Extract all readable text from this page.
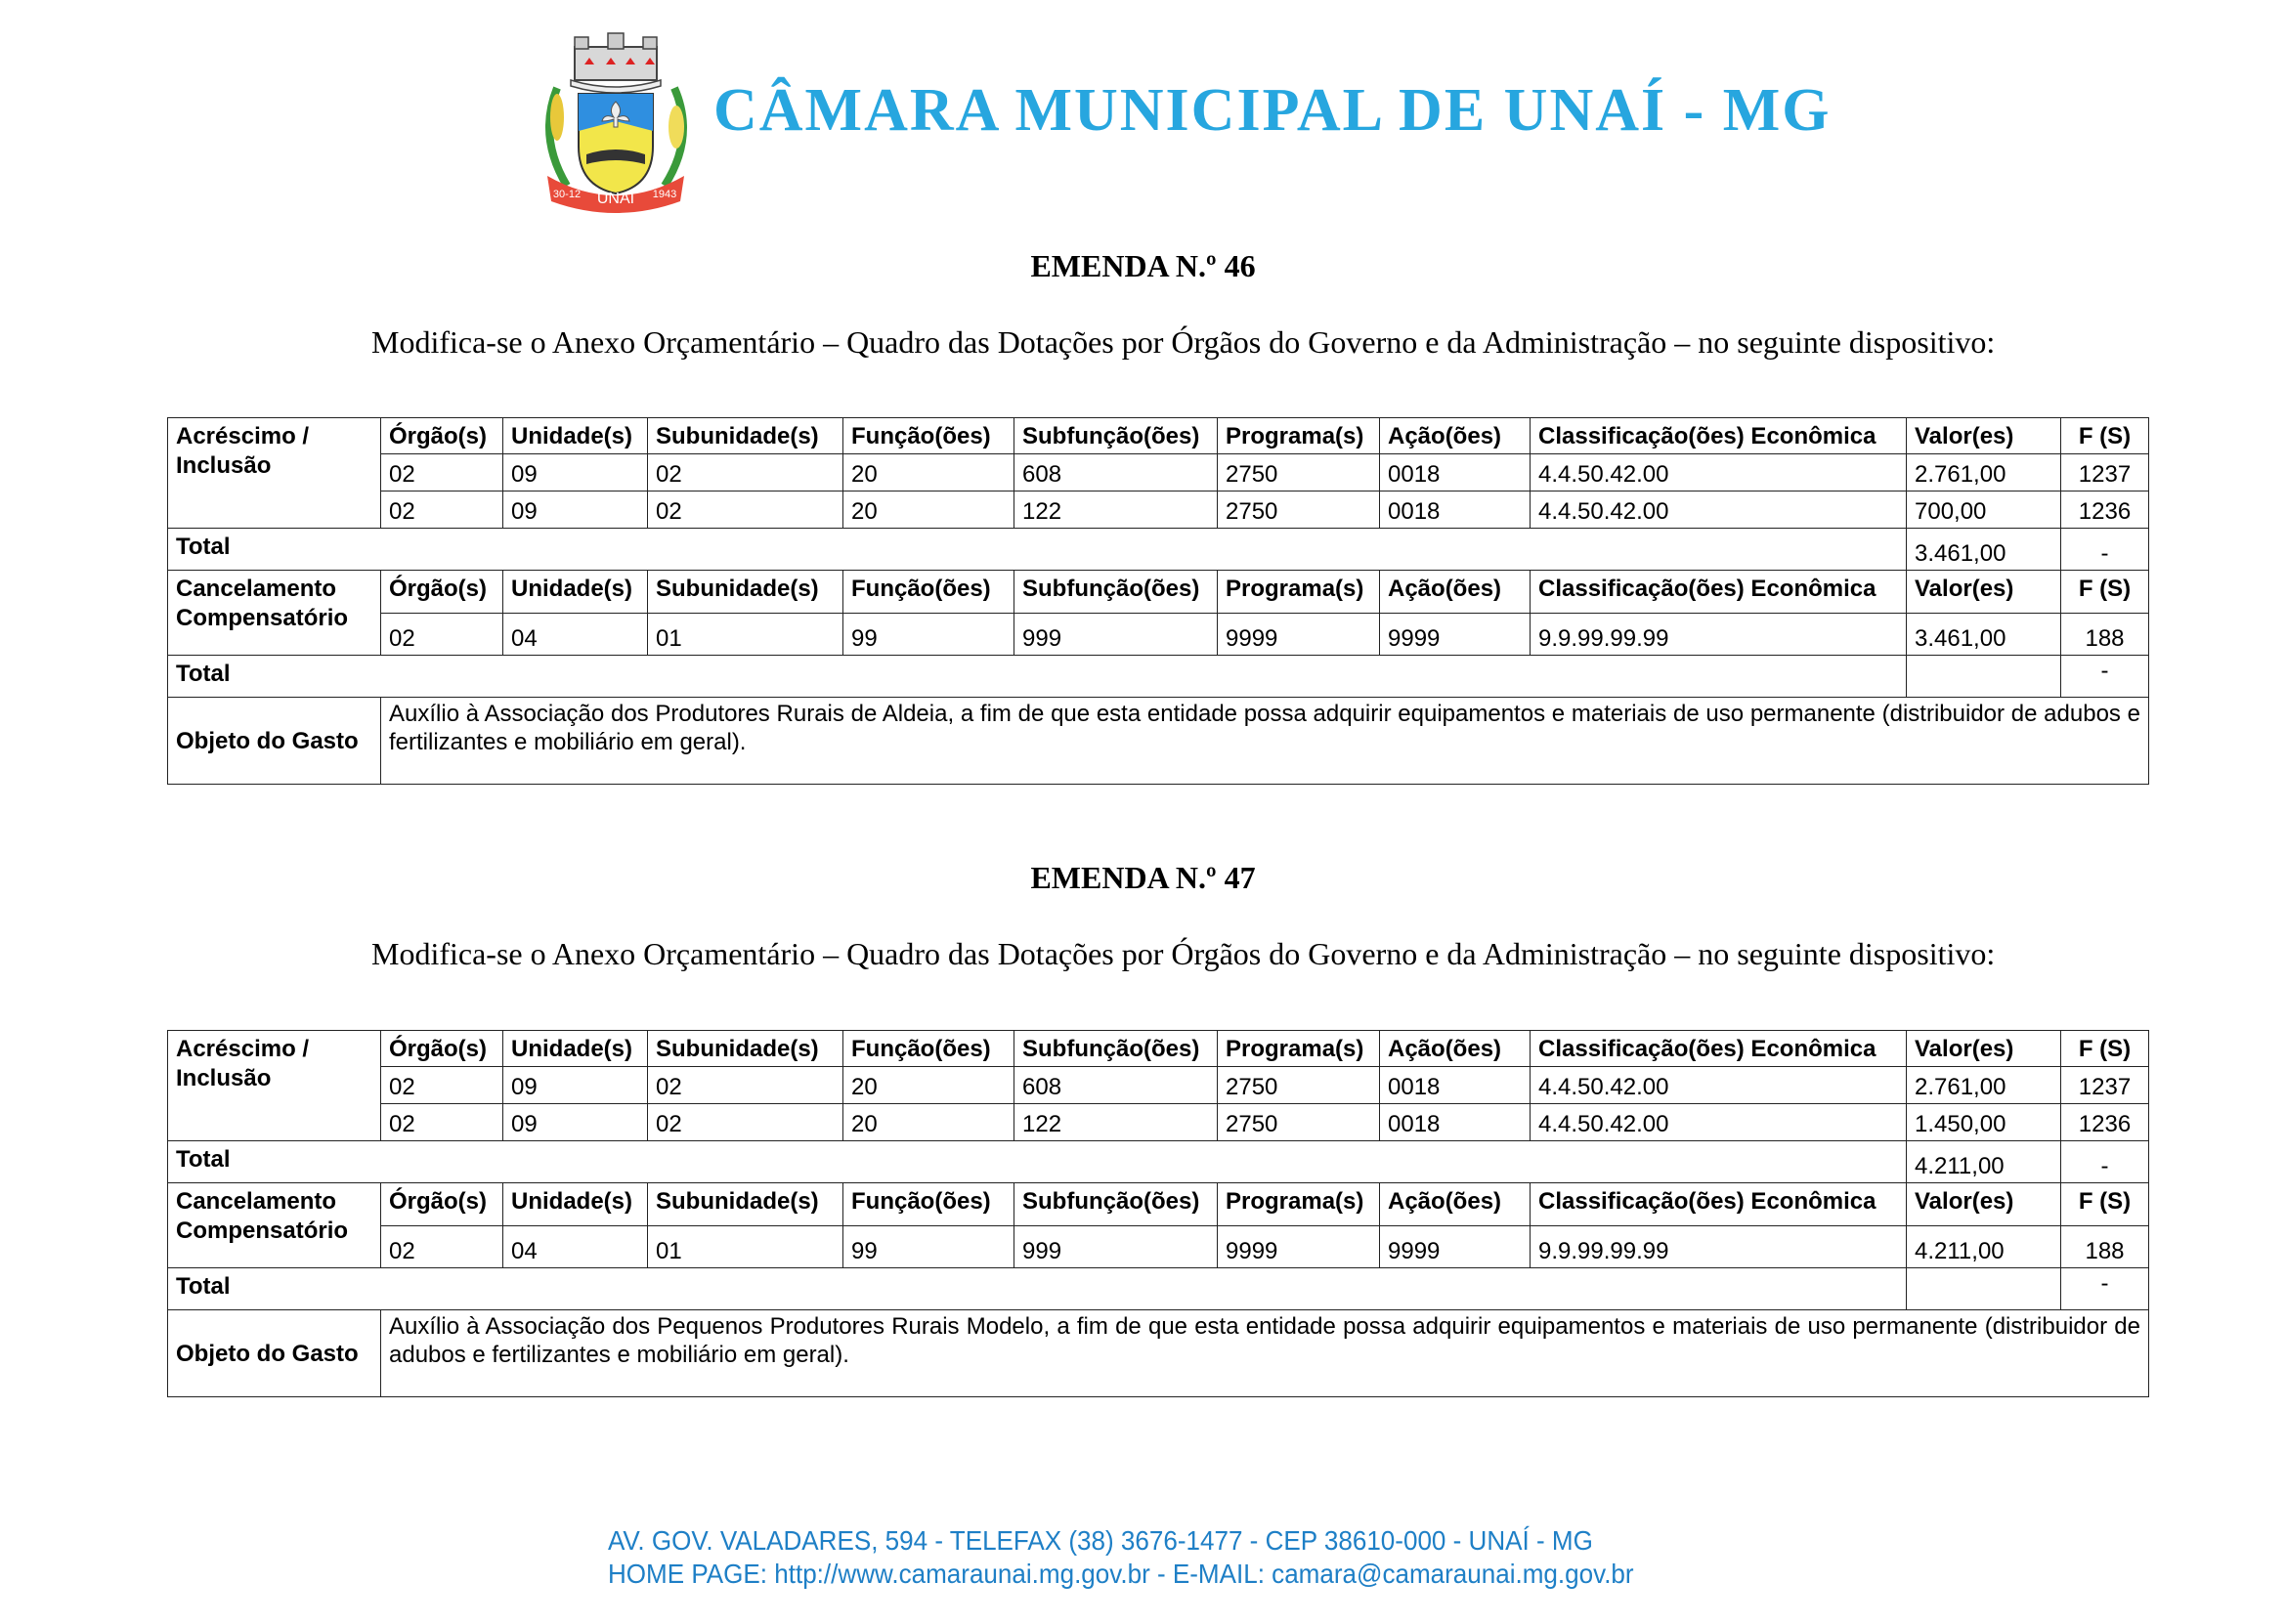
UNAÍ
30-12	1943
CÂMARA MUNICIPAL DE UNAÍ - MG
EMENDA N.º 46
Modifica-se o Anexo Orçamentário – Quadro das Dotações por Órgãos do Governo e da Administração – no seguinte dispositivo:
Acréscimo / Inclusão	Órgão(s)	Unidade(s)	Subunidade(s)	Função(ões)	Subfunção(ões)	Programa(s)	Ação(ões)	Classificação(ões) Econômica	Valor(es)	F (S)
	02	09	02	20	608	2750	0018	4.4.50.42.00	2.761,00	1237
	02	09	02	20	122	2750	0018	4.4.50.42.00	700,00	1236
Total									3.461,00	-
Cancelamento Compensatório	Órgão(s)	Unidade(s)	Subunidade(s)	Função(ões)	Subfunção(ões)	Programa(s)	Ação(ões)	Classificação(ões) Econômica	Valor(es)	F (S)
	02	04	01	99	999	9999	9999	9.9.99.99.99	3.461,00	188
Total										-
Objeto do Gasto	Auxílio à Associação dos Produtores Rurais de Aldeia, a fim de que esta entidade possa adquirir equipamentos e materiais de uso permanente (distribuidor de adubos e fertilizantes e mobiliário em geral).									
EMENDA N.º 47
Modifica-se o Anexo Orçamentário – Quadro das Dotações por Órgãos do Governo e da Administração – no seguinte dispositivo:
Acréscimo / Inclusão	Órgão(s)	Unidade(s)	Subunidade(s)	Função(ões)	Subfunção(ões)	Programa(s)	Ação(ões)	Classificação(ões) Econômica	Valor(es)	F (S)
	02	09	02	20	608	2750	0018	4.4.50.42.00	2.761,00	1237
	02	09	02	20	122	2750	0018	4.4.50.42.00	1.450,00	1236
Total									4.211,00	-
Cancelamento Compensatório	Órgão(s)	Unidade(s)	Subunidade(s)	Função(ões)	Subfunção(ões)	Programa(s)	Ação(ões)	Classificação(ões) Econômica	Valor(es)	F (S)
	02	04	01	99	999	9999	9999	9.9.99.99.99	4.211,00	188
Total										-
Objeto do Gasto	Auxílio à Associação dos Pequenos Produtores Rurais Modelo, a fim de que esta entidade possa adquirir equipamentos e materiais de uso permanente (distribuidor de adubos e fertilizantes e mobiliário em geral).									
AV. GOV. VALADARES, 594 - TELEFAX (38) 3676-1477 - CEP 38610-000 - UNAÍ - MG
HOME PAGE: http://www.camaraunai.mg.gov.br - E-MAIL: camara@camaraunai.mg.gov.br
